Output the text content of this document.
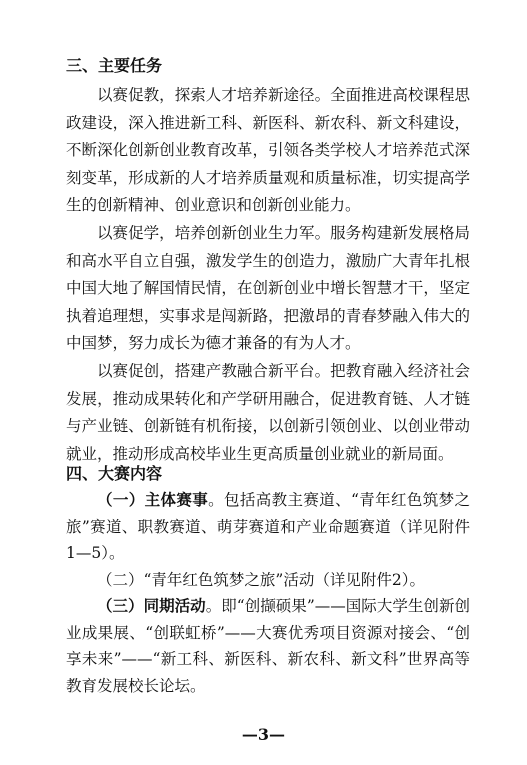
三、主要任务

以赛促教，探索人才培养新途径。全面推进高校课程思政建设，深入推进新工科、新医科、新农科、新文科建设，不断深化创新创业教育改革，引领各类学校人才培养范式深刻变革，形成新的人才培养质量观和质量标准，切实提高学生的创新精神、创业意识和创新创业能力。

以赛促学，培养创新创业生力军。服务构建新发展格局和高水平自立自强，激发学生的创造力，激励广大青年扎根中国大地了解国情民情，在创新创业中增长智慧才干，坚定执着追理想，实事求是闯新路，把激昂的青春梦融入伟大的中国梦，努力成长为德才兼备的有为人才。

以赛促创，搭建产教融合新平台。把教育融入经济社会发展，推动成果转化和产学研用融合，促进教育链、人才链与产业链、创新链有机衔接，以创新引领创业、以创业带动就业，推动形成高校毕业生更高质量创业就业的新局面。

四、大赛内容

（一）主体赛事。包括高教主赛道、“青年红色筑梦之旅”赛道、职教赛道、萌芽赛道和产业命题赛道（详见附件1—5）。

（二）“青年红色筑梦之旅”活动（详见附件2）。

（三）同期活动。即“创撷硕果”——国际大学生创新创业成果展、“创联虹桥”——大赛优秀项目资源对接会、“创享未来”——“新工科、新医科、新农科、新文科”世界高等教育发展校长论坛。

—3—
